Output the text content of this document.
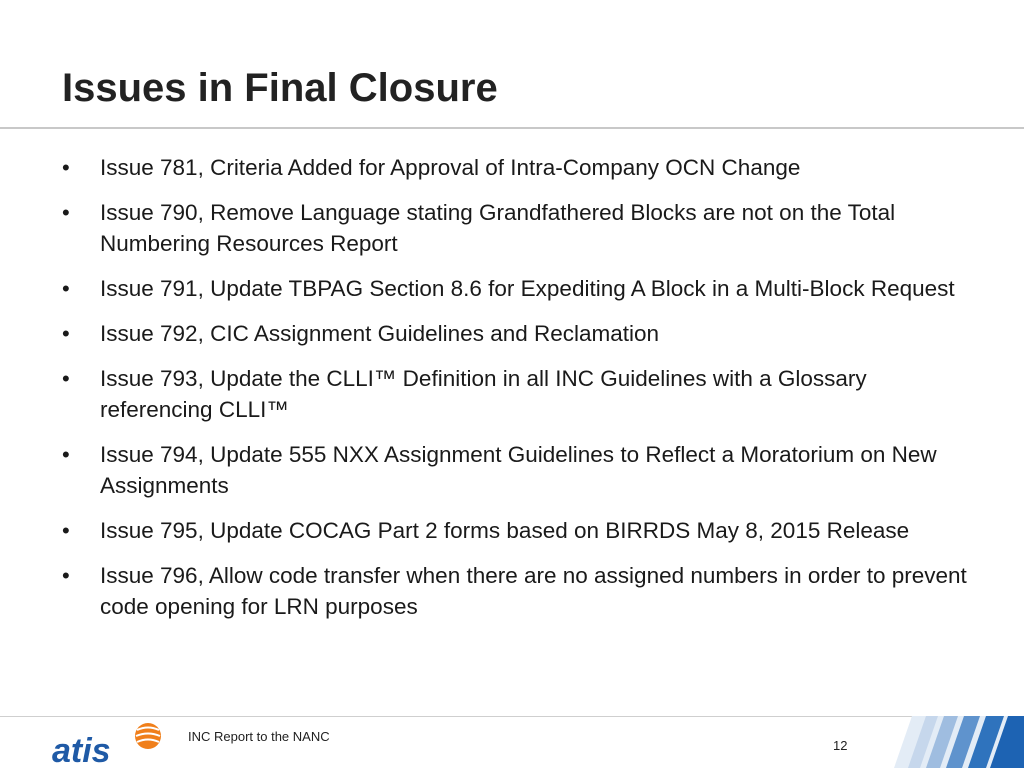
Issues in Final Closure
•	Issue 781, Criteria Added for Approval of Intra-Company OCN Change
•	Issue 790, Remove Language stating Grandfathered Blocks are not on the Total Numbering Resources Report
•	Issue 791, Update TBPAG Section 8.6 for Expediting A Block in a Multi-Block Request
•	Issue 792, CIC Assignment Guidelines and Reclamation
•	Issue 793, Update the CLLI™ Definition in all INC Guidelines with a Glossary referencing CLLI™
•	Issue 794, Update 555 NXX Assignment Guidelines to Reflect a Moratorium on New Assignments
•	Issue 795, Update COCAG Part 2 forms based on BIRRDS May 8, 2015 Release
•	Issue 796, Allow code transfer when there are no assigned numbers in order to prevent code opening for LRN purposes
atis	INC Report to the NANC
12
